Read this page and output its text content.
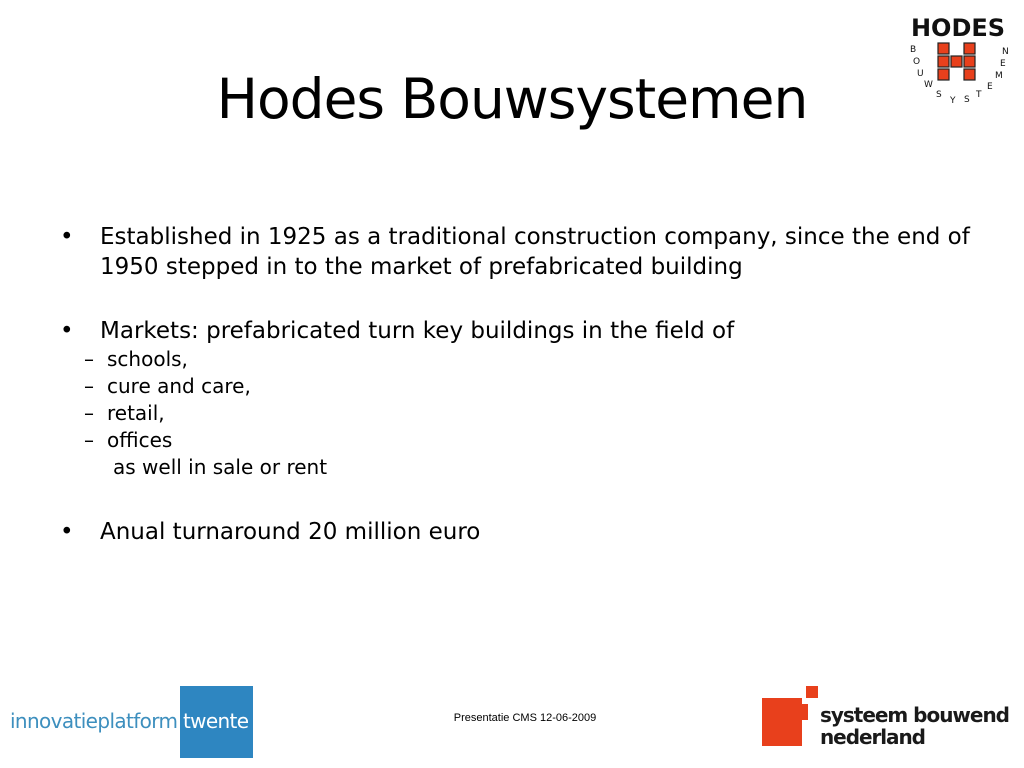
Hodes Bouwsystemen
HODES
B O U WSY S TE MEN
• Established in 1925 as a traditional construction company, since the end of 1950 stepped in to the market of prefabricated building
• Markets: prefabricated turn key buildings in the field of
– schools,
– cure and care,
– retail,
– offices
as well in sale or rent
• Anual turnaround 20 million euro
innovatieplatform twente	Presentatie CMS 12-06-2009	systeem bouwend
nederland
